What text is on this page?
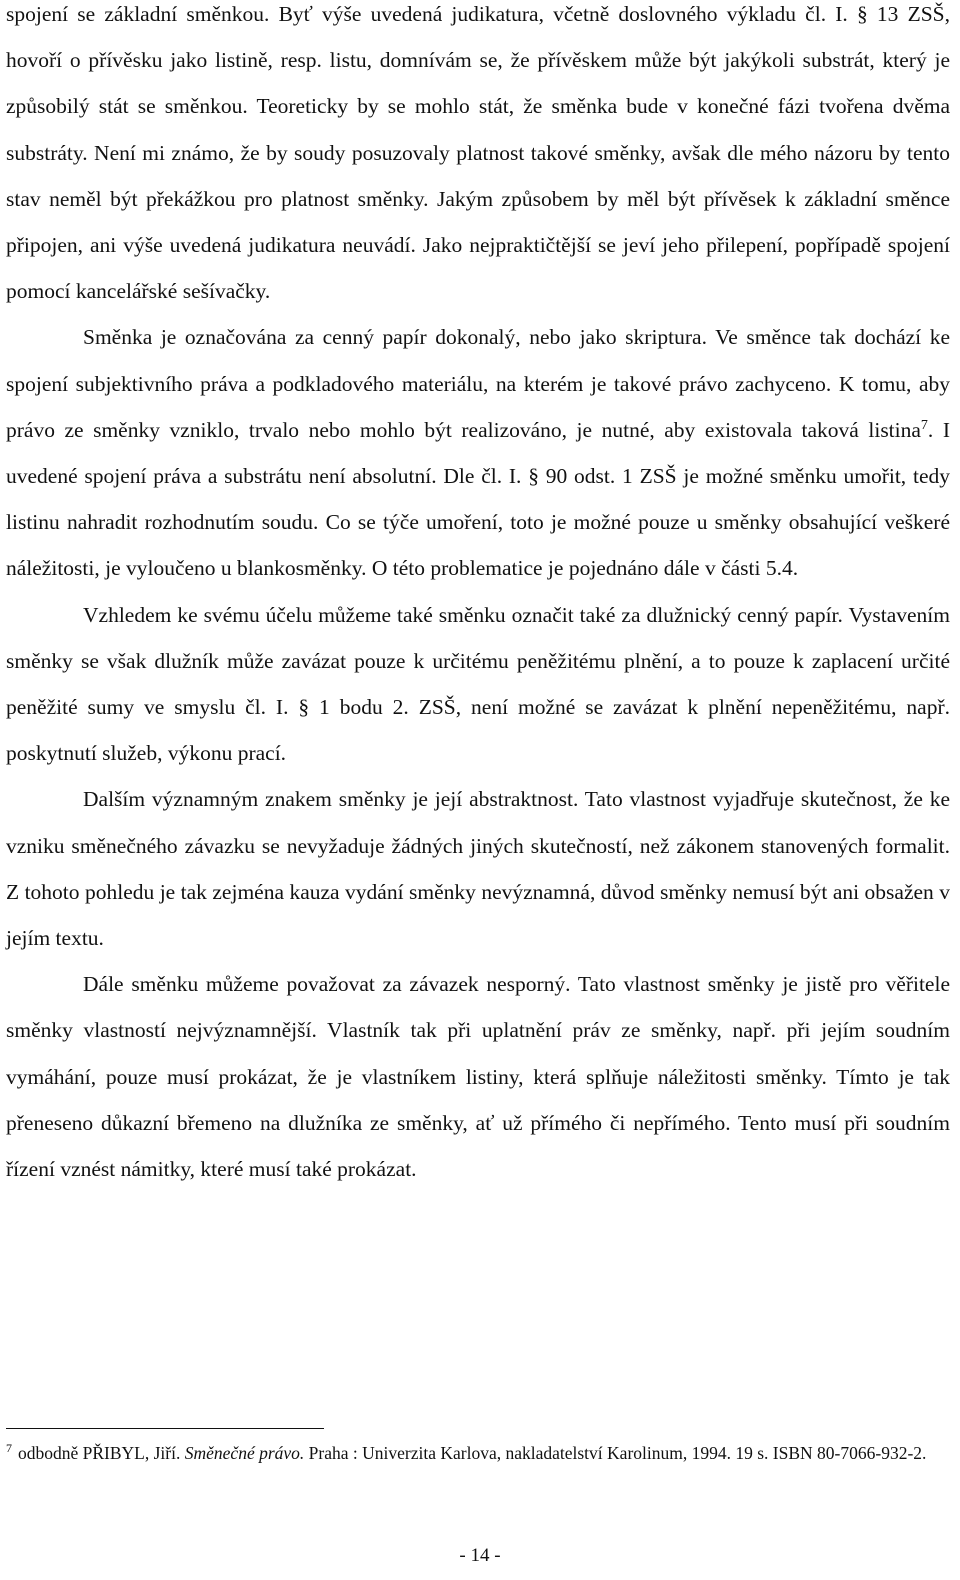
spojení se základní směnkou. Byť výše uvedená judikatura, včetně doslovného výkladu čl. I. § 13 ZSŠ, hovoří o přívěsku jako listině, resp. listu, domnívám se, že přívěskem může být jakýkoli substrát, který je způsobilý stát se směnkou. Teoreticky by se mohlo stát, že směnka bude v konečné fázi tvořena dvěma substráty. Není mi známo, že by soudy posuzovaly platnost takové směnky, avšak dle mého názoru by tento stav neměl být překážkou pro platnost směnky. Jakým způsobem by měl být přívěsek k základní směnce připojen, ani výše uvedená judikatura neuvádí. Jako nejpraktičtější se jeví jeho přilepení, popřípadě spojení pomocí kancelářské sešívačky.

Směnka je označována za cenný papír dokonalý, nebo jako skriptura. Ve směnce tak dochází ke spojení subjektivního práva a podkladového materiálu, na kterém je takové právo zachyceno. K tomu, aby právo ze směnky vzniklo, trvalo nebo mohlo být realizováno, je nutné, aby existovala taková listina$^7$. I uvedené spojení práva a substrátu není absolutní. Dle čl. I. § 90 odst. 1 ZSŠ je možné směnku umořit, tedy listinu nahradit rozhodnutím soudu. Co se týče umoření, toto je možné pouze u směnky obsahující veškeré náležitosti, je vyloučeno u blankosměnky. O této problematice je pojednáno dále v části 5.4.

Vzhledem ke svému účelu můžeme také směnku označit také za dlužnický cenný papír. Vystavením směnky se však dlužník může zavázat pouze k určitému peněžitému plnění, a to pouze k zaplacení určité peněžité sumy ve smyslu čl. I. § 1 bodu 2. ZSŠ, není možné se zavázat k plnění nepeněžitému, např. poskytnutí služeb, výkonu prací.

Dalším významným znakem směnky je její abstraktnost. Tato vlastnost vyjadřuje skutečnost, že ke vzniku směnečného závazku se nevyžaduje žádných jiných skutečností, než zákonem stanovených formalit. Z tohoto pohledu je tak zejména kauza vydání směnky nevýznamná, důvod směnky nemusí být ani obsažen v jejím textu.

Dále směnku můžeme považovat za závazek nesporný. Tato vlastnost směnky je jistě pro věřitele směnky vlastností nejvýznamnější. Vlastník tak při uplatnění práv ze směnky, např. při jejím soudním vymáhání, pouze musí prokázat, že je vlastníkem listiny, která splňuje náležitosti směnky. Tímto je tak přeneseno důkazní břemeno na dlužníka ze směnky, ať už přímého či nepřímého. Tento musí při soudním řízení vznést námitky, které musí také prokázat.

$^7$ odbodně PŘIBYL, Jiří. Směnečné právo. Praha : Univerzita Karlova, nakladatelství Karolinum, 1994. 19 s. ISBN 80-7066-932-2.
- 14 -
